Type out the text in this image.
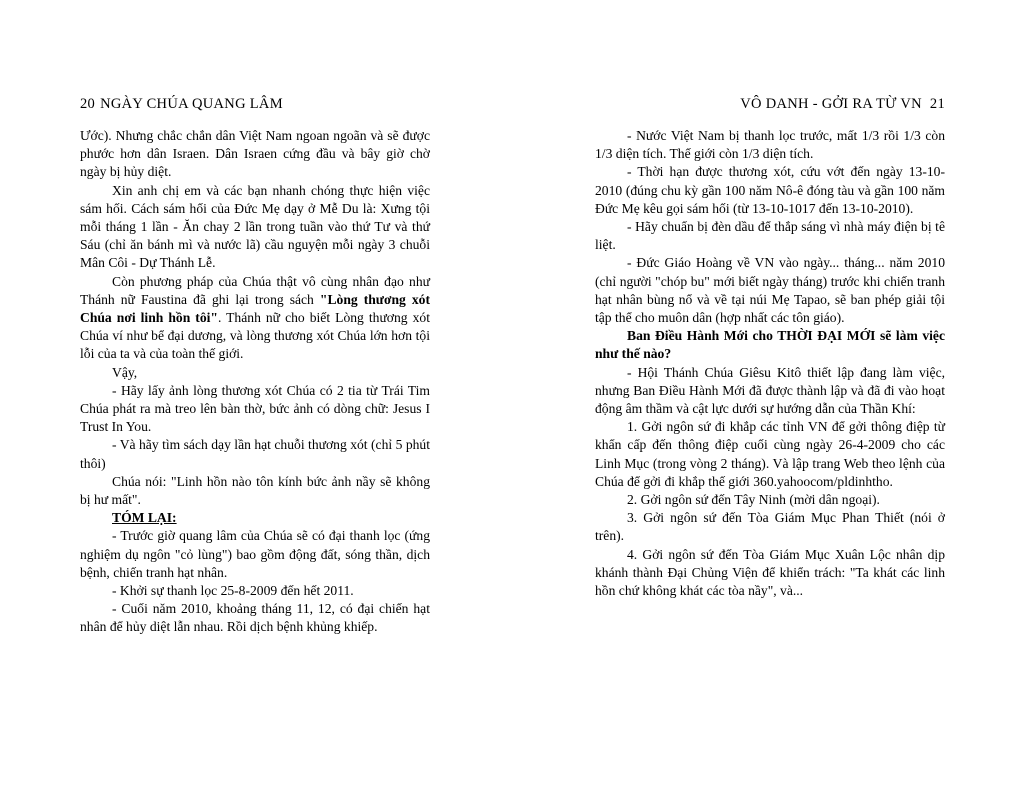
20 NGÀY CHÚA QUANG LÂM

Ước). Nhưng chắc chắn dân Việt Nam ngoan ngoãn và sẽ được phước hơn dân Israen. Dân Israen cứng đầu và bây giờ chờ ngày bị hủy diệt.

Xin anh chị em và các bạn nhanh chóng thực hiện việc sám hối. Cách sám hối của Đức Mẹ dạy ở Mễ Du là: Xưng tội mỗi tháng 1 lần - Ăn chay 2 lần trong tuần vào thứ Tư và thứ Sáu (chỉ ăn bánh mì và nước lã) cầu nguyện mỗi ngày 3 chuỗi Mân Côi - Dự Thánh Lễ.

Còn phương pháp của Chúa thật vô cùng nhân đạo như Thánh nữ Faustina đã ghi lại trong sách "Lòng thương xót Chúa nơi linh hồn tôi". Thánh nữ cho biết Lòng thương xót Chúa ví như bể đại dương, và lòng thương xót Chúa lớn hơn tội lỗi của ta và của toàn thế giới.

Vậy,

- Hãy lấy ảnh lòng thương xót Chúa có 2 tia từ Trái Tim Chúa phát ra mà treo lên bàn thờ, bức ảnh có dòng chữ: Jesus I Trust In You.

- Và hãy tìm sách dạy lần hạt chuỗi thương xót (chỉ 5 phút thôi)

Chúa nói: "Linh hồn nào tôn kính bức ảnh nầy sẽ không bị hư mất".

TÓM LẠI:

- Trước giờ quang lâm của Chúa sẽ có đại thanh lọc (ứng nghiệm dụ ngôn "cỏ lùng") bao gồm động đất, sóng thần, dịch bệnh, chiến tranh hạt nhân.

- Khởi sự thanh lọc 25-8-2009 đến hết 2011.

- Cuối năm 2010, khoảng tháng 11, 12, có đại chiến hạt nhân để hủy diệt lẫn nhau. Rồi dịch bệnh khủng khiếp.

VÔ DANH - GỞI RA TỪ VN 21

- Nước Việt Nam bị thanh lọc trước, mất 1/3 rồi 1/3 còn 1/3 diện tích. Thế giới còn 1/3 diện tích.

- Thời hạn được thương xót, cứu vớt đến ngày 13-10-2010 (đúng chu kỳ gần 100 năm Nô-ê đóng tàu và gần 100 năm Đức Mẹ kêu gọi sám hối (từ 13-10-1017 đến 13-10-2010).

- Hãy chuẩn bị đèn dầu để thắp sáng vì nhà máy điện bị tê liệt.

- Đức Giáo Hoàng về VN vào ngày... tháng... năm 2010 (chỉ người "chóp bu" mới biết ngày tháng) trước khi chiến tranh hạt nhân bùng nổ và về tại núi Mẹ Tapao, sẽ ban phép giải tội tập thể cho muôn dân (hợp nhất các tôn giáo).

Ban Điều Hành Mới cho THỜI ĐẠI MỚI sẽ làm việc như thế nào?

- Hội Thánh Chúa Giêsu Kitô thiết lập đang làm việc, nhưng Ban Điều Hành Mới đã được thành lập và đã đi vào hoạt động âm thầm và cật lực dưới sự hướng dẫn của Thần Khí:

1. Gởi ngôn sứ đi khắp các tỉnh VN để gởi thông điệp từ khẩn cấp đến thông điệp cuối cùng ngày 26-4-2009 cho các Linh Mục (trong vòng 2 tháng). Và lập trang Web theo lệnh của Chúa để gởi đi khắp thế giới 360.yahoocom/pldinhtho.

2. Gởi ngôn sứ đến Tây Ninh (mời dân ngoại).

3. Gởi ngôn sứ đến Tòa Giám Mục Phan Thiết (nói ở trên).

4. Gởi ngôn sứ đến Tòa Giám Mục Xuân Lộc nhân dịp khánh thành Đại Chủng Viện để khiển trách: "Ta khát các linh hồn chứ không khát các tòa nầy", và...
